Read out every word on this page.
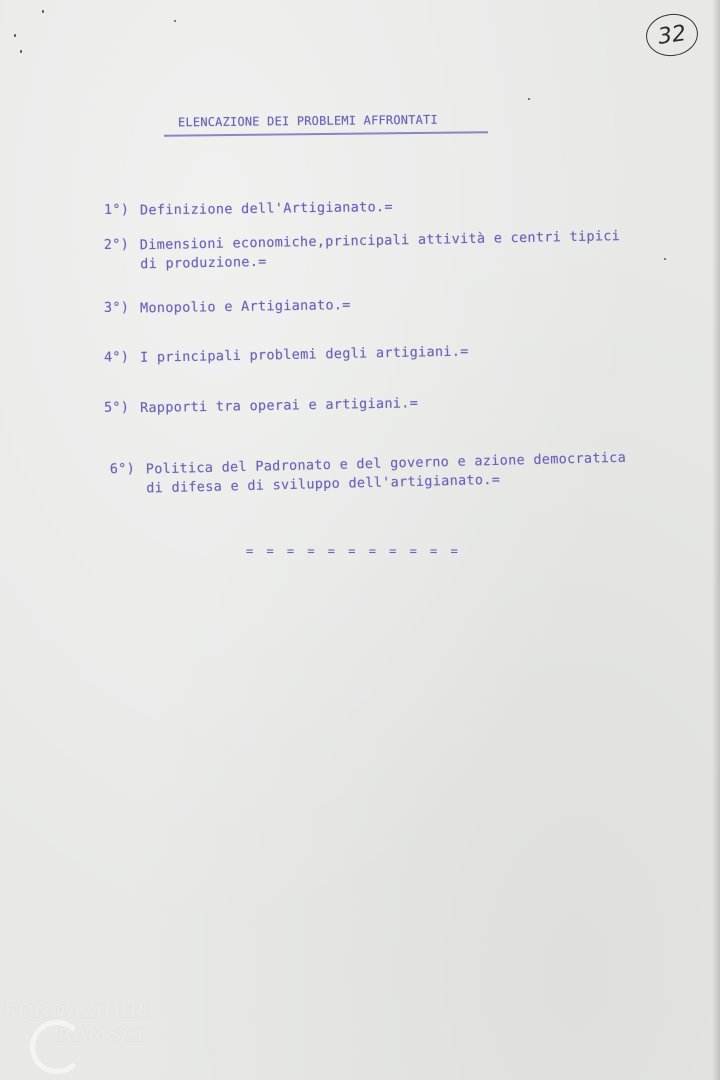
32
ELENCAZIONE DEI PROBLEMI AFFRONTATI
1°) Definizione dell'Artigianato.=
2°) Dimensioni economiche,principali attività e centri tipici
di produzione.=
3°) Monopolio e Artigianato.=
4°) I principali problemi degli artigiani.=
5°) Rapporti tra operai e artigiani.=
6°) Politica del Padronato e del governo e azione democratica
di difesa e di sviluppo dell'artigianato.=
= = = = = = = = = = =
FONDAZIONE
RAMSCI
